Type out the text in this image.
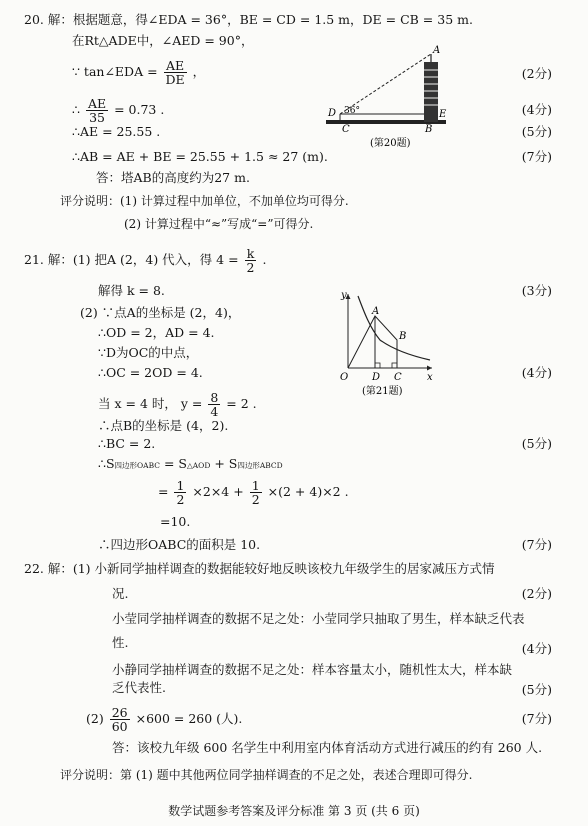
20. 解：根据题意，得∠EDA = 36°，BE = CD = 1.5 m，DE = CB = 35 m.
在Rt△ADE中，∠AED = 90°，
∵ tan∠EDA = $\frac{AE}{DE}$ ，	(2分)
∴ $\frac{AE}{35} = 0.73$ .	(4分)
∴AE = 25.55 .	(5分)
∴AB = AE + BE = 25.55 + 1.5 ≈ 27 (m).	(7分)
答：塔AB的高度约为27 m.
评分说明：(1) 计算过程中加单位，不加单位均可得分.
(2) 计算过程中“≈”写成“=”可得分.
D 36°
A
E
C	B
(第20题)
21. 解：(1) 把A (2，4) 代入，得 $4 = \frac{k}{2}$ .
解得 k = 8.	(3分)
(2) ∵点A的坐标是 (2，4)，
∴OD = 2，AD = 4.
∵D为OC的中点，
∴OC = 2OD = 4.	(4分)
当 x = 4 时， $y = \frac{8}{4} = 2$ .
∴点B的坐标是 (4，2).
∴BC = 2.	(5分)
∴S四边形OABC = S△AOD + S四边形ABCD
= $\frac{1}{2} \times 2\times 4 + \frac{1}{2} \times(2 + 4)\times 2$ .
=10.
∴四边形OABC的面积是 10.	(7分)
y
x
O
A
B
D C
(第21题)
22. 解：(1) 小新同学抽样调查的数据能较好地反映该校九年级学生的居家减压方式情
况.	(2分)
小莹同学抽样调查的数据不足之处：小莹同学只抽取了男生，样本缺乏代表
性.	(4分)
小静同学抽样调查的数据不足之处：样本容量太小，随机性太大，样本缺
乏代表性.	(5分)
$(2) \frac{26}{60} \times 600 = 260$ (人).	(7分)
答：该校九年级 600 名学生中利用室内体育活动方式进行减压的约有 260 人.
评分说明：第 (1) 题中其他两位同学抽样调查的不足之处，表述合理即可得分.
数学试题参考答案及评分标准 第 3 页 (共 6 页)
